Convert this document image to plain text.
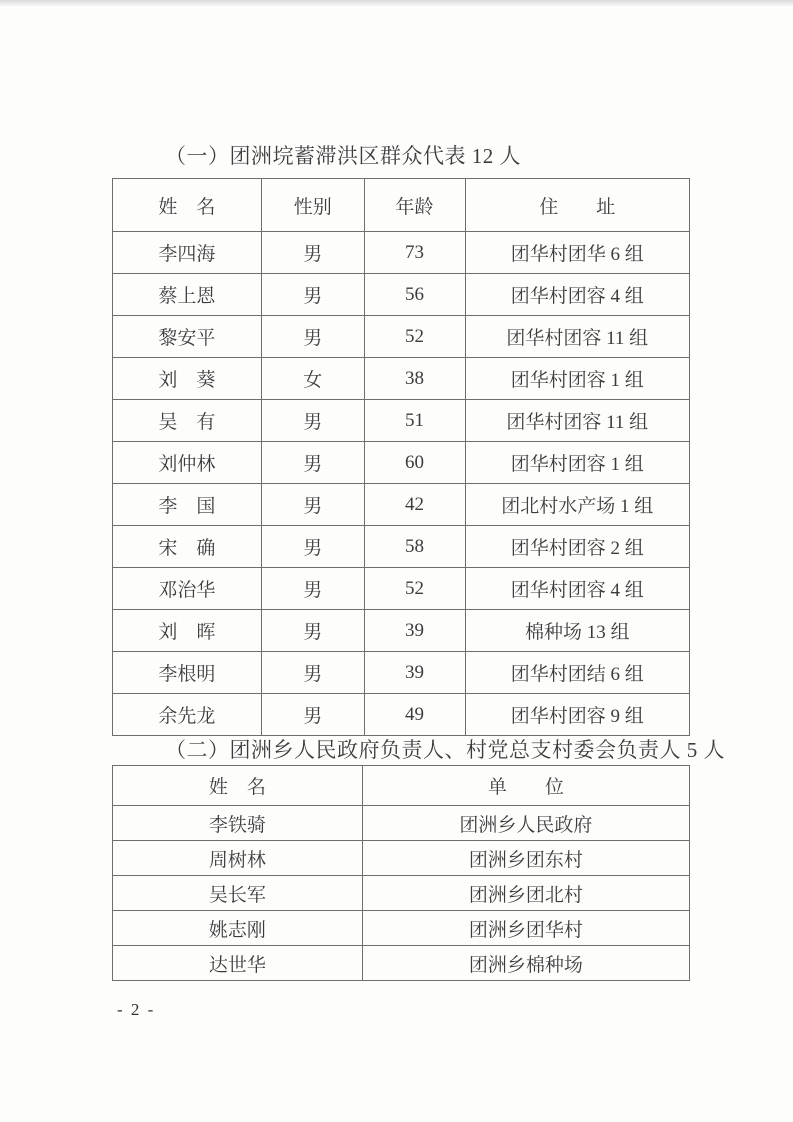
（一）团洲垸蓄滞洪区群众代表 12 人
姓　名	性别	年龄	住　　址
李四海	男	73	团华村团华 6 组
蔡上恩	男	56	团华村团容 4 组
黎安平	男	52	团华村团容 11 组
刘　葵	女	38	团华村团容 1 组
吴　有	男	51	团华村团容 11 组
刘仲林	男	60	团华村团容 1 组
李　国	男	42	团北村水产场 1 组
宋　确	男	58	团华村团容 2 组
邓治华	男	52	团华村团容 4 组
刘　晖	男	39	棉种场 13 组
李根明	男	39	团华村团结 6 组
余先龙	男	49	团华村团容 9 组
（二）团洲乡人民政府负责人、村党总支村委会负责人 5 人
姓　名	单　　位
李铁骑	团洲乡人民政府
周树林	团洲乡团东村
吴长军	团洲乡团北村
姚志刚	团洲乡团华村
达世华	团洲乡棉种场
- 2 -
